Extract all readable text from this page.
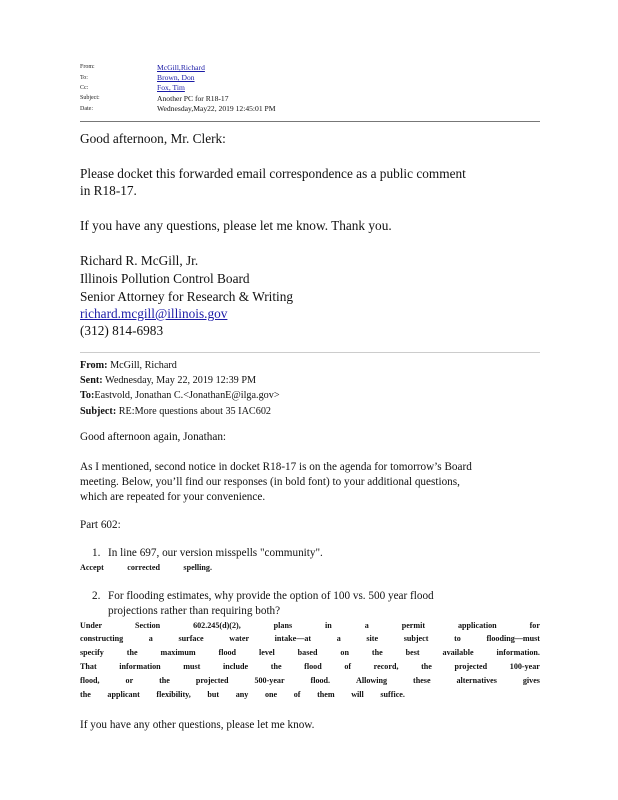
From:	McGill,Richard
To:	Brown, Don
Cc:	Fox, Tim
Subject:	Another PC for R18-17
Date:	Wednesday,May22, 2019 12:45:01 PM
Good afternoon, Mr. Clerk:
Please docket this forwarded email correspondence as a public comment
in R18-17.
If you have any questions, please let me know. Thank you.
Richard R. McGill, Jr.
Illinois Pollution Control Board
Senior Attorney for Research & Writing
richard.mcgill@illinois.gov
(312) 814-6983
From: McGill, Richard
Sent: Wednesday, May 22, 2019 12:39 PM
To:Eastvold, Jonathan C.<JonathanE@ilga.gov>
Subject: RE:More questions about 35 IAC602
Good afternoon again, Jonathan:
As I mentioned, second notice in docket R18-17 is on the agenda for tomorrow’s Board
meeting. Below, you’ll find our responses (in bold font) to your additional questions,
which are repeated for your convenience.
Part 602:
1. In line 697, our version misspells "community".
Accept	corrected	spelling.
2. For flooding estimates, why provide the option of 100 vs. 500 year flood
projections rather than requiring both?
Under	Section	602.245(d)(2),	plans	in	a	permit	application	for
constructing	a	surface	water	intake—at	a	site	subject	to	flooding—must
specify	the	maximum	flood	level	based	on	the	best	available	information.
That	information	must	include	the	flood	of	record,	the	projected	100-year
flood,	or	the	projected	500-year	flood.	Allowing	these	alternatives	gives
the applicant flexibility, but any one of them will suffice.
If you have any other questions, please let me know.
